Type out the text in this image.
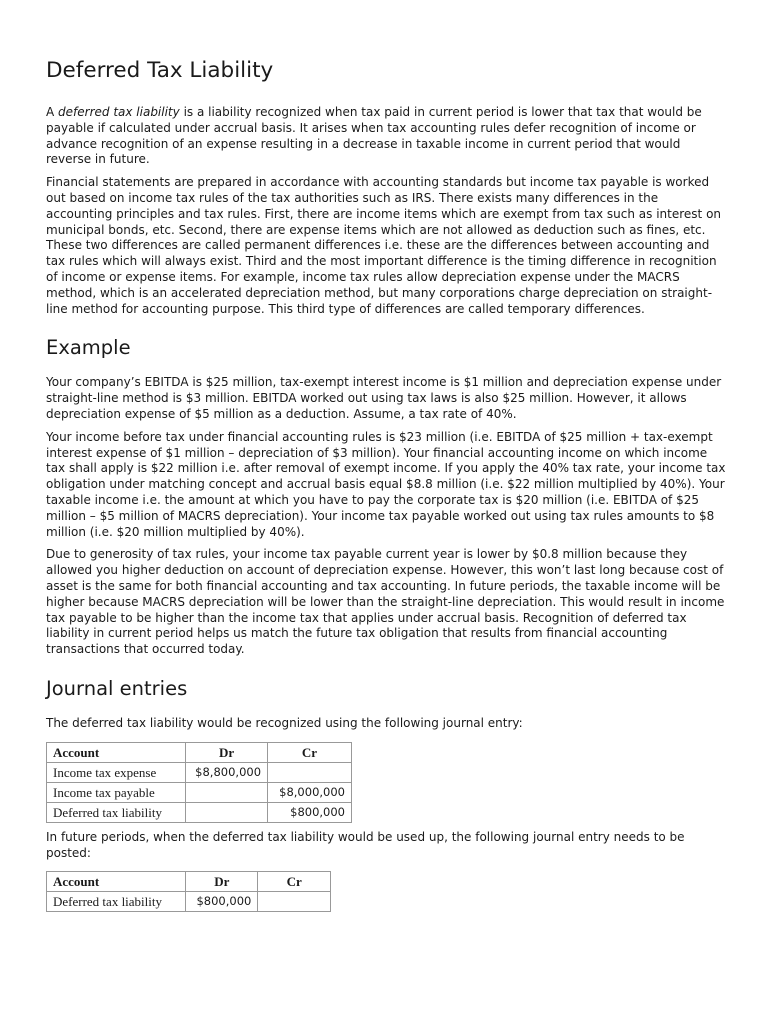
Deferred Tax Liability

A deferred tax liability is a liability recognized when tax paid in current period is lower that tax that would be payable if calculated under accrual basis. It arises when tax accounting rules defer recognition of income or advance recognition of an expense resulting in a decrease in taxable income in current period that would reverse in future.

Financial statements are prepared in accordance with accounting standards but income tax payable is worked out based on income tax rules of the tax authorities such as IRS. There exists many differences in the accounting principles and tax rules. First, there are income items which are exempt from tax such as interest on municipal bonds, etc. Second, there are expense items which are not allowed as deduction such as fines, etc. These two differences are called permanent differences i.e. these are the differences between accounting and tax rules which will always exist. Third and the most important difference is the timing difference in recognition of income or expense items. For example, income tax rules allow depreciation expense under the MACRS method, which is an accelerated depreciation method, but many corporations charge depreciation on straight-line method for accounting purpose. This third type of differences are called temporary differences.

Example

Your company’s EBITDA is $25 million, tax-exempt interest income is $1 million and depreciation expense under straight-line method is $3 million. EBITDA worked out using tax laws is also $25 million. However, it allows depreciation expense of $5 million as a deduction. Assume, a tax rate of 40%.

Your income before tax under financial accounting rules is $23 million (i.e. EBITDA of $25 million + tax-exempt interest expense of $1 million – depreciation of $3 million). Your financial accounting income on which income tax shall apply is $22 million i.e. after removal of exempt income. If you apply the 40% tax rate, your income tax obligation under matching concept and accrual basis equal $8.8 million (i.e. $22 million multiplied by 40%). Your taxable income i.e. the amount at which you have to pay the corporate tax is $20 million (i.e. EBITDA of $25 million – $5 million of MACRS depreciation). Your income tax payable worked out using tax rules amounts to $8 million (i.e. $20 million multiplied by 40%).

Due to generosity of tax rules, your income tax payable current year is lower by $0.8 million because they allowed you higher deduction on account of depreciation expense. However, this won’t last long because cost of asset is the same for both financial accounting and tax accounting. In future periods, the taxable income will be higher because MACRS depreciation will be lower than the straight-line depreciation. This would result in income tax payable to be higher than the income tax that applies under accrual basis. Recognition of deferred tax liability in current period helps us match the future tax obligation that results from financial accounting transactions that occurred today.

Journal entries

The deferred tax liability would be recognized using the following journal entry:

Account	Dr	Cr
Income tax expense	$8,800,000	
Income tax payable		$8,000,000
Deferred tax liability		$800,000

In future periods, when the deferred tax liability would be used up, the following journal entry needs to be posted:

Account	Dr	Cr
Deferred tax liability	$800,000	
